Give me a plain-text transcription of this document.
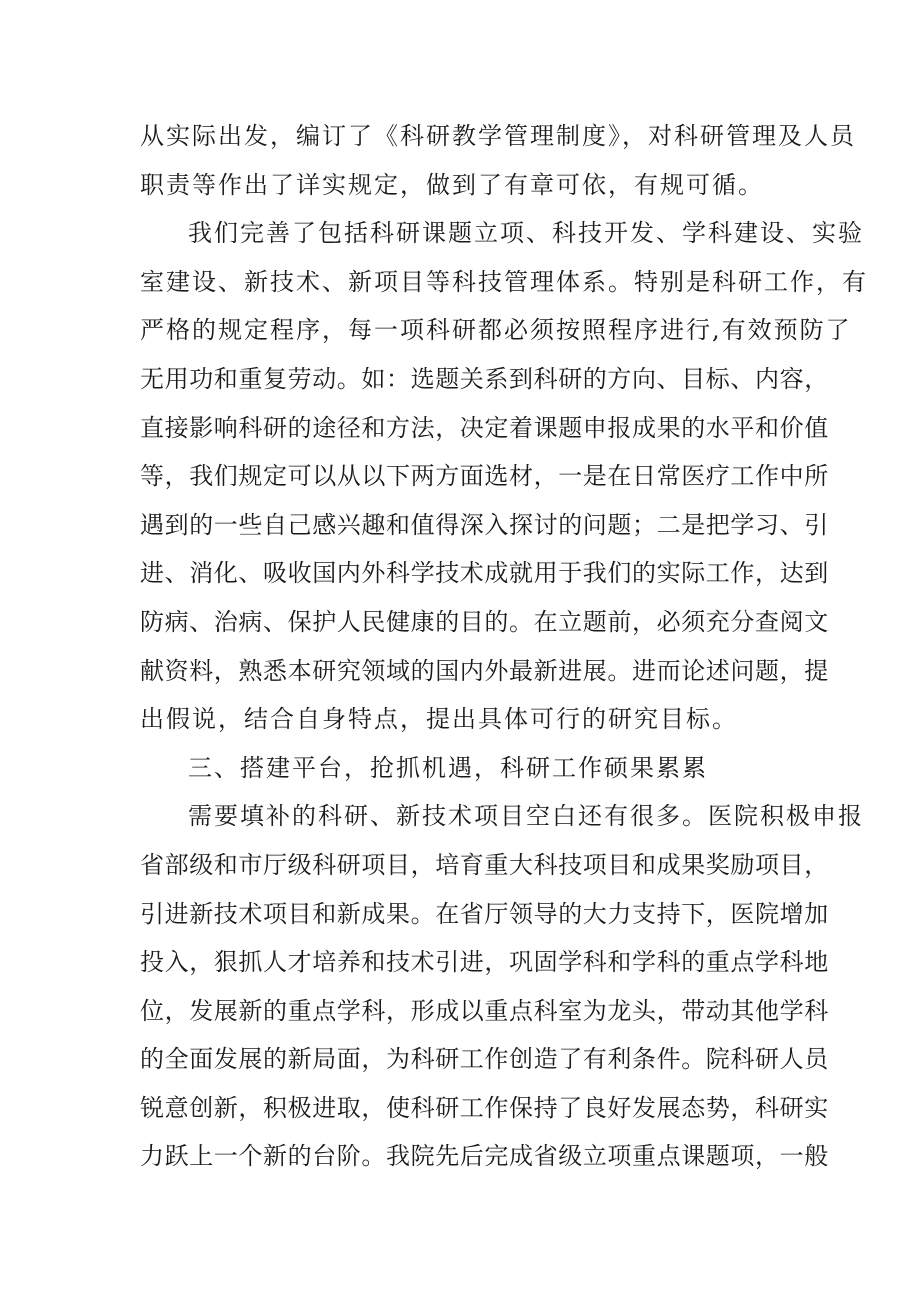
从实际出发，编订了《科研教学管理制度》，对科研管理及人员
职责等作出了详实规定，做到了有章可依，有规可循。
我们完善了包括科研课题立项、科技开发、学科建设、实验
室建设、新技术、新项目等科技管理体系。特别是科研工作，有
严格的规定程序，每一项科研都必须按照程序进行,有效预防了
无用功和重复劳动。如：选题关系到科研的方向、目标、内容，
直接影响科研的途径和方法，决定着课题申报成果的水平和价值
等，我们规定可以从以下两方面选材，一是在日常医疗工作中所
遇到的一些自己感兴趣和值得深入探讨的问题；二是把学习、引
进、消化、吸收国内外科学技术成就用于我们的实际工作，达到
防病、治病、保护人民健康的目的。在立题前，必须充分查阅文
献资料，熟悉本研究领域的国内外最新进展。进而论述问题，提
出假说，结合自身特点，提出具体可行的研究目标。
三、搭建平台，抢抓机遇，科研工作硕果累累
需要填补的科研、新技术项目空白还有很多。医院积极申报
省部级和市厅级科研项目，培育重大科技项目和成果奖励项目，
引进新技术项目和新成果。在省厅领导的大力支持下，医院增加
投入，狠抓人才培养和技术引进，巩固学科和学科的重点学科地
位，发展新的重点学科，形成以重点科室为龙头，带动其他学科
的全面发展的新局面，为科研工作创造了有利条件。院科研人员
锐意创新，积极进取，使科研工作保持了良好发展态势，科研实
力跃上一个新的台阶。我院先后完成省级立项重点课题项，一般
